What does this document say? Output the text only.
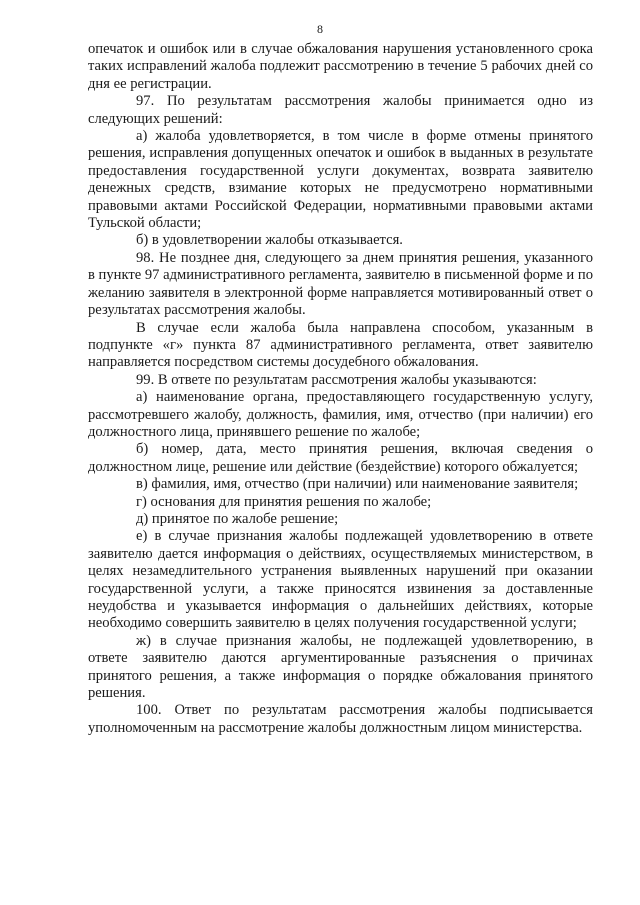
8

опечаток и ошибок или в случае обжалования нарушения установленного срока таких исправлений жалоба подлежит рассмотрению в течение 5 рабочих дней со дня ее регистрации.

97. По результатам рассмотрения жалобы принимается одно из следующих решений:

а) жалоба удовлетворяется, в том числе в форме отмены принятого решения, исправления допущенных опечаток и ошибок в выданных в результате предоставления государственной услуги документах, возврата заявителю денежных средств, взимание которых не предусмотрено нормативными правовыми актами Российской Федерации, нормативными правовыми актами Тульской области;

б) в удовлетворении жалобы отказывается.

98. Не позднее дня, следующего за днем принятия решения, указанного в пункте 97 административного регламента, заявителю в письменной форме и по желанию заявителя в электронной форме направляется мотивированный ответ о результатах рассмотрения жалобы.

В случае если жалоба была направлена способом, указанным в подпункте «г» пункта 87 административного регламента, ответ заявителю направляется посредством системы досудебного обжалования.

99. В ответе по результатам рассмотрения жалобы указываются:

а) наименование органа, предоставляющего государственную услугу, рассмотревшего жалобу, должность, фамилия, имя, отчество (при наличии) его должностного лица, принявшего решение по жалобе;

б) номер, дата, место принятия решения, включая сведения о должностном лице, решение или действие (бездействие) которого обжалуется;

в) фамилия, имя, отчество (при наличии) или наименование заявителя;

г) основания для принятия решения по жалобе;

д) принятое по жалобе решение;

е) в случае признания жалобы подлежащей удовлетворению в ответе заявителю дается информация о действиях, осуществляемых министерством, в целях незамедлительного устранения выявленных нарушений при оказании государственной услуги, а также приносятся извинения за доставленные неудобства и указывается информация о дальнейших действиях, которые необходимо совершить заявителю в целях получения государственной услуги;

ж) в случае признания жалобы, не подлежащей удовлетворению, в ответе заявителю даются аргументированные разъяснения о причинах принятого решения, а также информация о порядке обжалования принятого решения.

100. Ответ по результатам рассмотрения жалобы подписывается уполномоченным на рассмотрение жалобы должностным лицом министерства.
